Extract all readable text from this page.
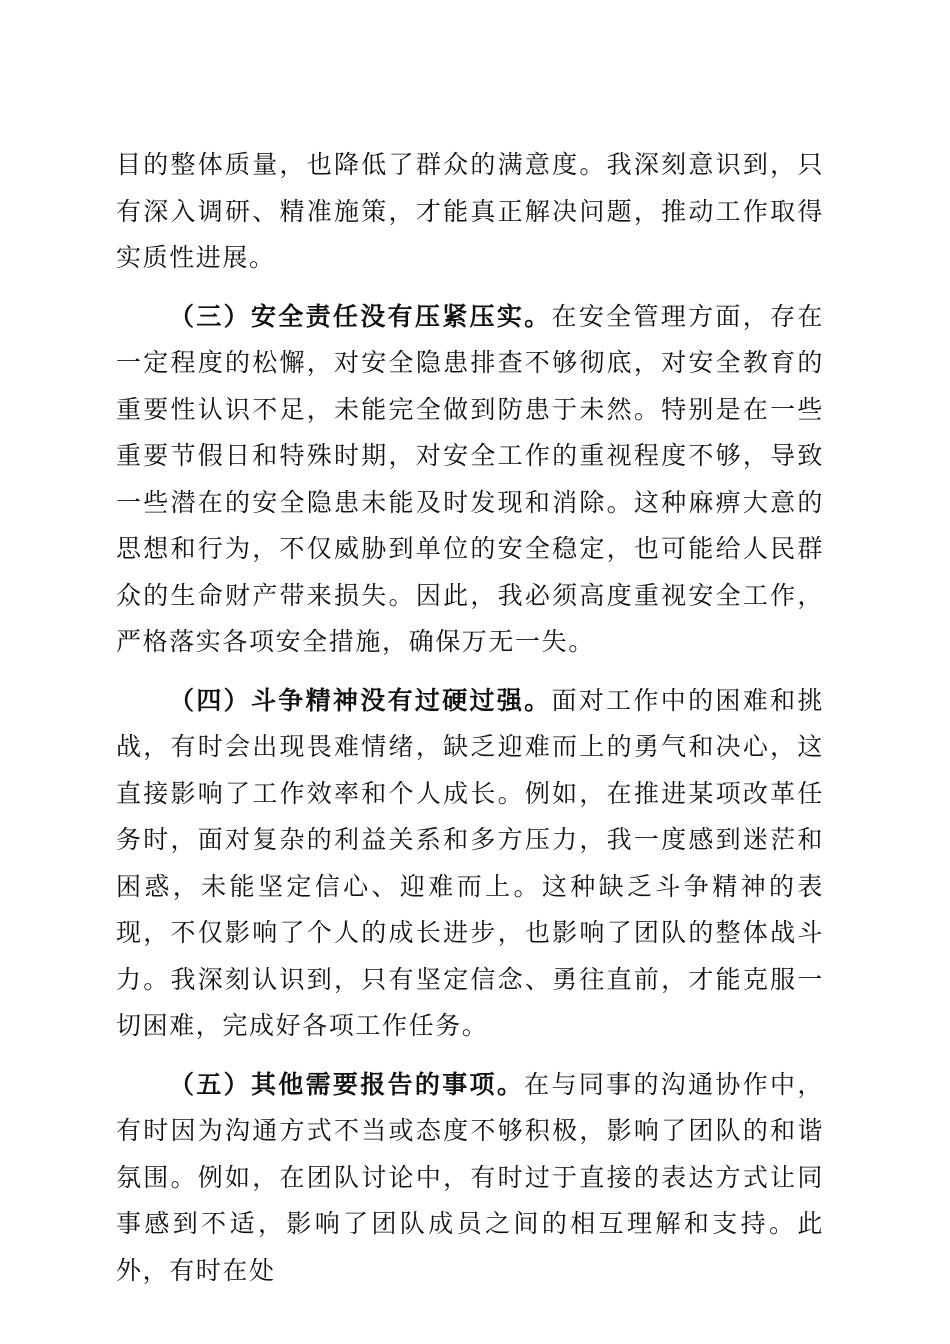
目的整体质量，也降低了群众的满意度。我深刻意识到，只有深入调研、精准施策，才能真正解决问题，推动工作取得实质性进展。

（三）安全责任没有压紧压实。在安全管理方面，存在一定程度的松懈，对安全隐患排查不够彻底，对安全教育的重要性认识不足，未能完全做到防患于未然。特别是在一些重要节假日和特殊时期，对安全工作的重视程度不够，导致一些潜在的安全隐患未能及时发现和消除。这种麻痹大意的思想和行为，不仅威胁到单位的安全稳定，也可能给人民群众的生命财产带来损失。因此，我必须高度重视安全工作，严格落实各项安全措施，确保万无一失。

（四）斗争精神没有过硬过强。面对工作中的困难和挑战，有时会出现畏难情绪，缺乏迎难而上的勇气和决心，这直接影响了工作效率和个人成长。例如，在推进某项改革任务时，面对复杂的利益关系和多方压力，我一度感到迷茫和困惑，未能坚定信心、迎难而上。这种缺乏斗争精神的表现，不仅影响了个人的成长进步，也影响了团队的整体战斗力。我深刻认识到，只有坚定信念、勇往直前，才能克服一切困难，完成好各项工作任务。

（五）其他需要报告的事项。在与同事的沟通协作中，有时因为沟通方式不当或态度不够积极，影响了团队的和谐氛围。例如，在团队讨论中，有时过于直接的表达方式让同事感到不适，影响了团队成员之间的相互理解和支持。此外，有时在处
